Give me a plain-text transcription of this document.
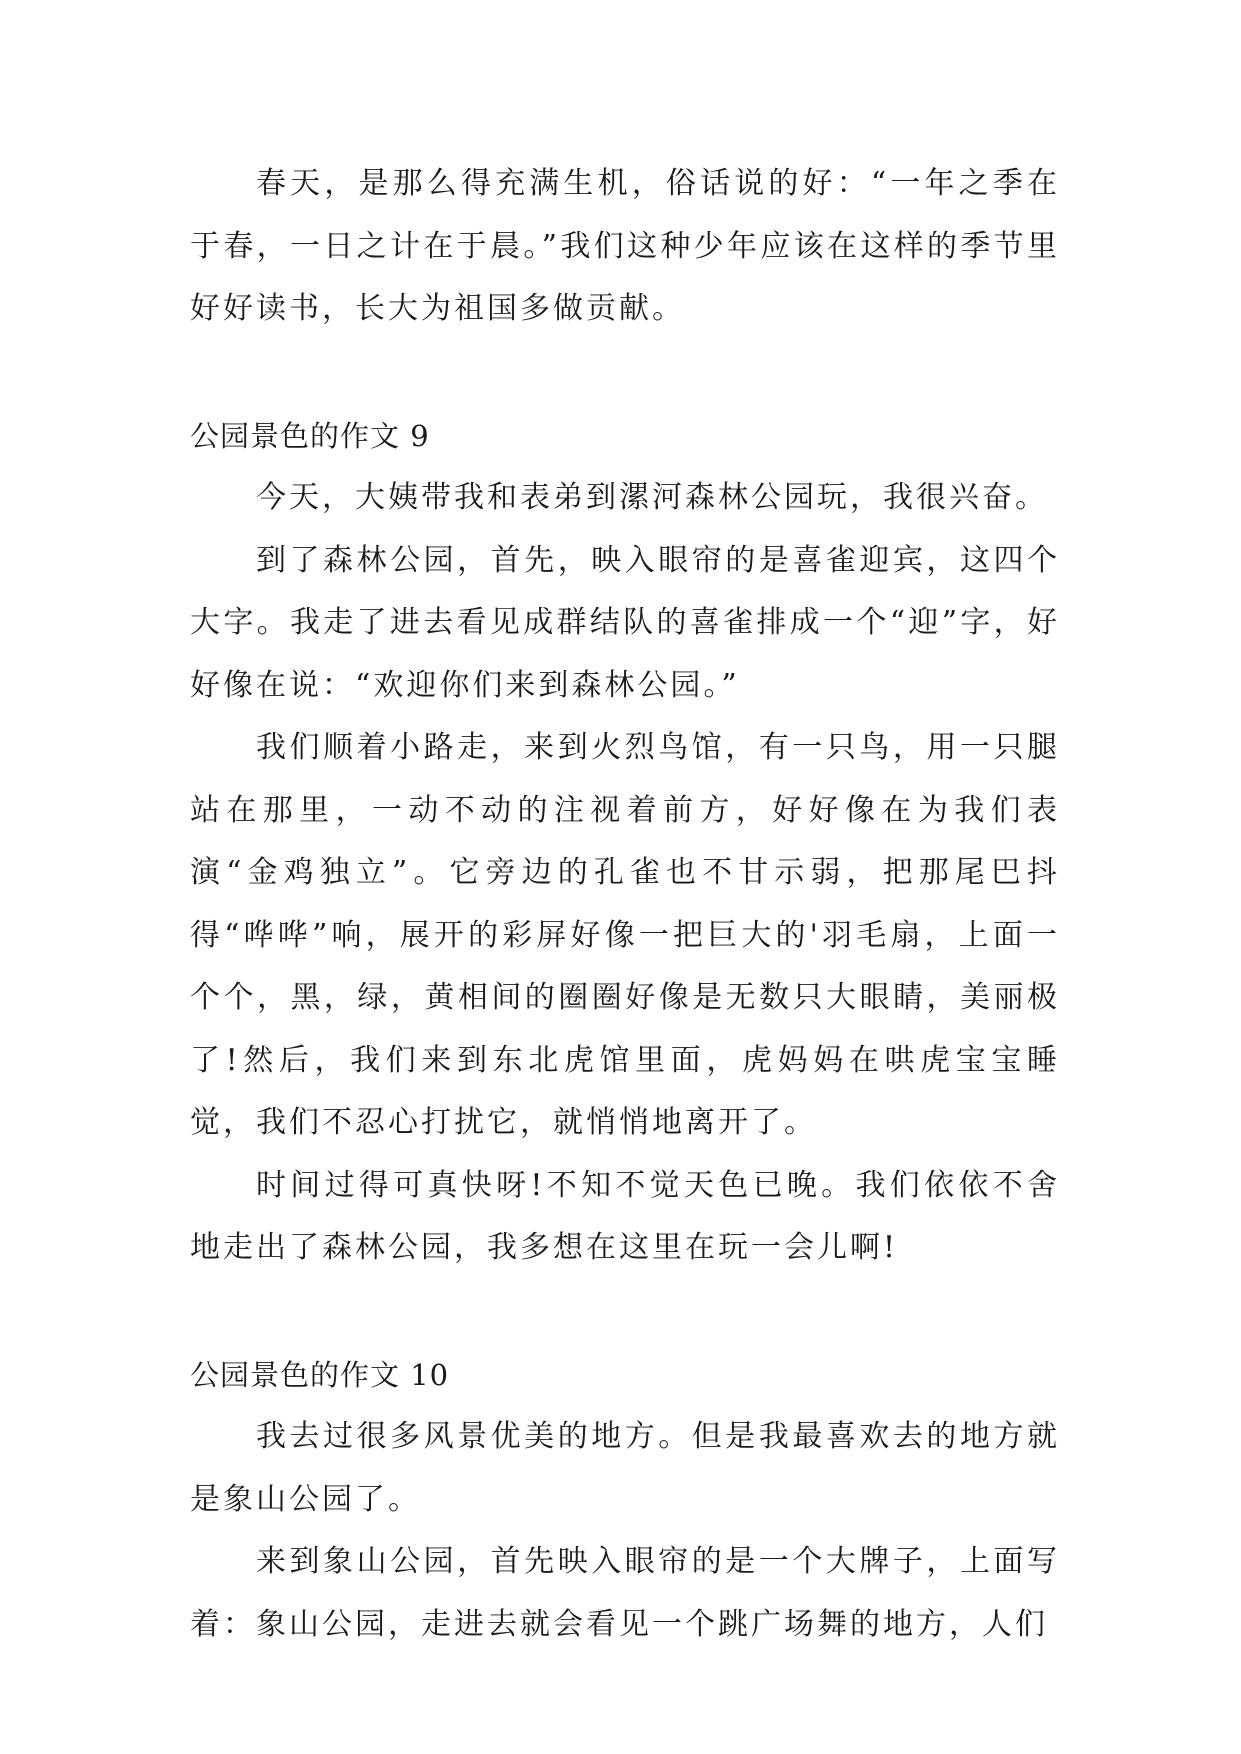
春天，是那么得充满生机，俗话说的好：“一年之季在于春，一日之计在于晨。”我们这种少年应该在这样的季节里好好读书，长大为祖国多做贡献。

公园景色的作文 9

今天，大姨带我和表弟到漯河森林公园玩，我很兴奋。

到了森林公园，首先，映入眼帘的是喜雀迎宾，这四个大字。我走了进去看见成群结队的喜雀排成一个“迎”字，好好像在说：“欢迎你们来到森林公园。”

我们顺着小路走，来到火烈鸟馆，有一只鸟，用一只腿站在那里，一动不动的注视着前方，好好像在为我们表演“金鸡独立”。它旁边的孔雀也不甘示弱，把那尾巴抖得“哗哗”响，展开的彩屏好像一把巨大的'羽毛扇，上面一个个，黑，绿，黄相间的圈圈好像是无数只大眼睛，美丽极了!然后，我们来到东北虎馆里面，虎妈妈在哄虎宝宝睡觉，我们不忍心打扰它，就悄悄地离开了。

时间过得可真快呀!不知不觉天色已晚。我们依依不舍地走出了森林公园，我多想在这里在玩一会儿啊!

公园景色的作文 10

我去过很多风景优美的地方。但是我最喜欢去的地方就是象山公园了。

来到象山公园，首先映入眼帘的是一个大牌子，上面写着：象山公园，走进去就会看见一个跳广场舞的地方，人们
